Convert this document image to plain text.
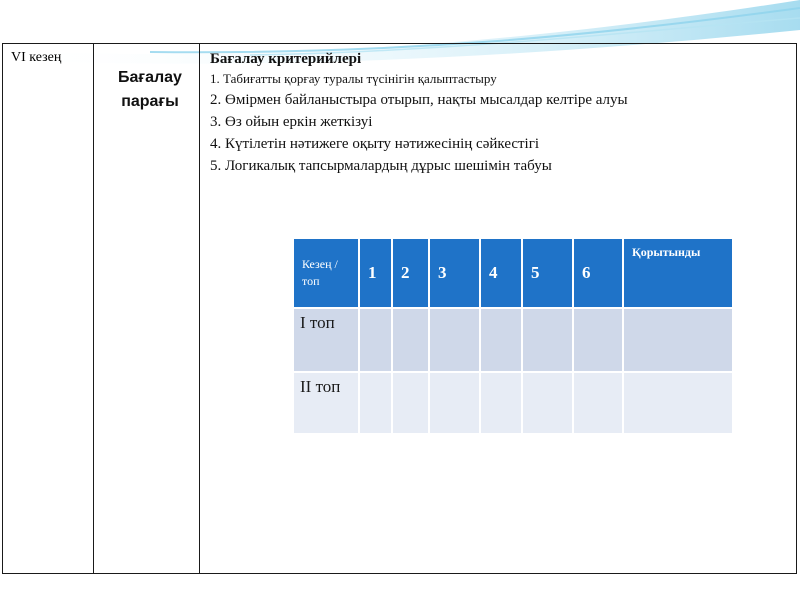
VI кезең
Бағалау парағы
Бағалау критерийлері
1. Табиғатты қорғау туралы түсінігін қалыптастыру
2. Өмірмен байланыстыра отырып, нақты мысалдар келтіре алуы
3. Өз ойын еркін жеткізуі
4. Күтілетін нәтижеге оқыту нәтижесінің сәйкестігі
5. Логикалық тапсырмалардың дұрыс шешімін табуы
Кезең / топ	1	2	3	4	5	6	Қорытынды
І топ							
ІІ топ							
